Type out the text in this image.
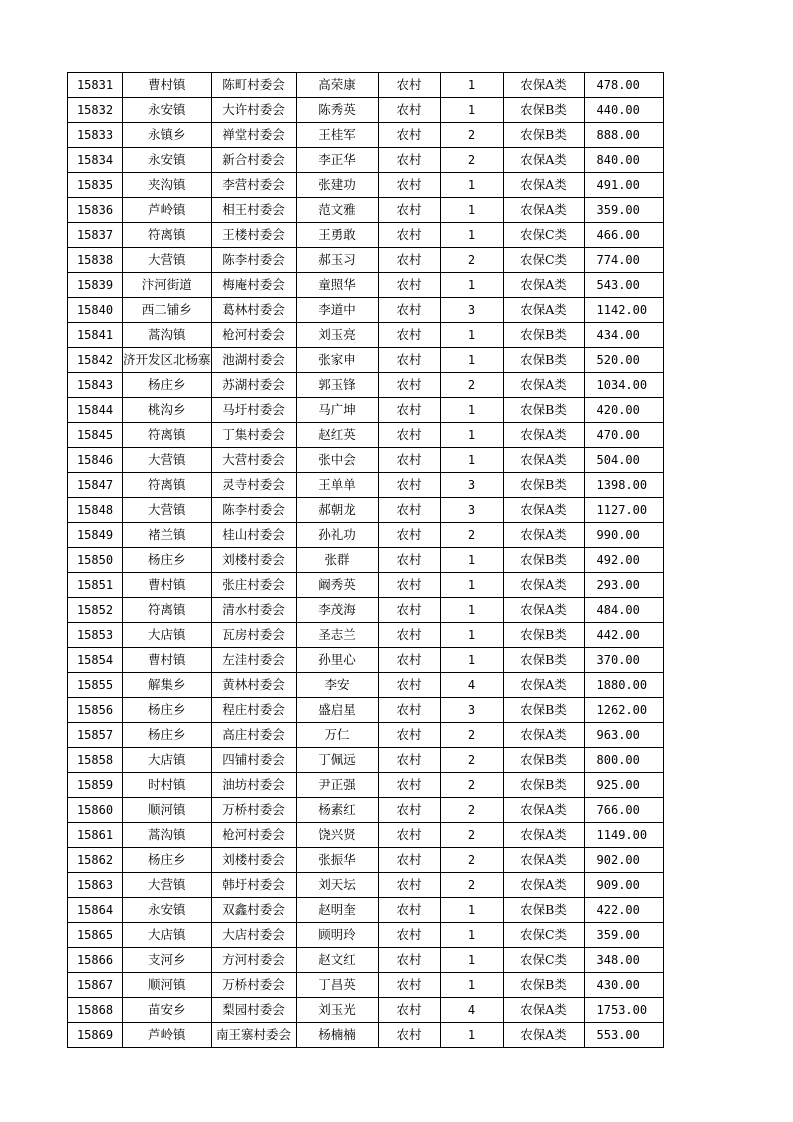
15831	曹村镇	陈町村委会	高荣康	农村	1	农保A类	478.00
15832	永安镇	大许村委会	陈秀英	农村	1	农保B类	440.00
15833	永镇乡	禅堂村委会	王桂军	农村	2	农保B类	888.00
15834	永安镇	新合村委会	李正华	农村	2	农保A类	840.00
15835	夹沟镇	李营村委会	张建功	农村	1	农保A类	491.00
15836	芦岭镇	相王村委会	范文雅	农村	1	农保A类	359.00
15837	符离镇	王楼村委会	王勇敢	农村	1	农保C类	466.00
15838	大营镇	陈李村委会	郝玉习	农村	2	农保C类	774.00
15839	汴河街道	梅庵村委会	童照华	农村	1	农保A类	543.00
15840	西二铺乡	葛林村委会	李道中	农村	3	农保A类	1142.00
15841	蒿沟镇	枪河村委会	刘玉亮	农村	1	农保B类	434.00
15842	济开发区北杨寨	池湖村委会	张家申	农村	1	农保B类	520.00
15843	杨庄乡	苏湖村委会	郭玉锋	农村	2	农保A类	1034.00
15844	桃沟乡	马圩村委会	马广坤	农村	1	农保B类	420.00
15845	符离镇	丁集村委会	赵红英	农村	1	农保A类	470.00
15846	大营镇	大营村委会	张中会	农村	1	农保A类	504.00
15847	符离镇	灵寺村委会	王单单	农村	3	农保B类	1398.00
15848	大营镇	陈李村委会	郝朝龙	农村	3	农保A类	1127.00
15849	褚兰镇	桂山村委会	孙礼功	农村	2	农保A类	990.00
15850	杨庄乡	刘楼村委会	张群	农村	1	农保B类	492.00
15851	曹村镇	张庄村委会	阚秀英	农村	1	农保A类	293.00
15852	符离镇	清水村委会	李茂海	农村	1	农保A类	484.00
15853	大店镇	瓦房村委会	圣志兰	农村	1	农保B类	442.00
15854	曹村镇	左洼村委会	孙里心	农村	1	农保B类	370.00
15855	解集乡	黄林村委会	李安	农村	4	农保A类	1880.00
15856	杨庄乡	程庄村委会	盛启星	农村	3	农保B类	1262.00
15857	杨庄乡	高庄村委会	万仁	农村	2	农保A类	963.00
15858	大店镇	四铺村委会	丁佩远	农村	2	农保B类	800.00
15859	时村镇	油坊村委会	尹正强	农村	2	农保B类	925.00
15860	顺河镇	万桥村委会	杨素红	农村	2	农保A类	766.00
15861	蒿沟镇	枪河村委会	饶兴贤	农村	2	农保A类	1149.00
15862	杨庄乡	刘楼村委会	张振华	农村	2	农保A类	902.00
15863	大营镇	韩圩村委会	刘天坛	农村	2	农保A类	909.00
15864	永安镇	双鑫村委会	赵明奎	农村	1	农保B类	422.00
15865	大店镇	大店村委会	顾明玲	农村	1	农保C类	359.00
15866	支河乡	方河村委会	赵文红	农村	1	农保C类	348.00
15867	顺河镇	万桥村委会	丁昌英	农村	1	农保B类	430.00
15868	苗安乡	梨园村委会	刘玉光	农村	4	农保A类	1753.00
15869	芦岭镇	南王寨村委会	杨楠楠	农村	1	农保A类	553.00
